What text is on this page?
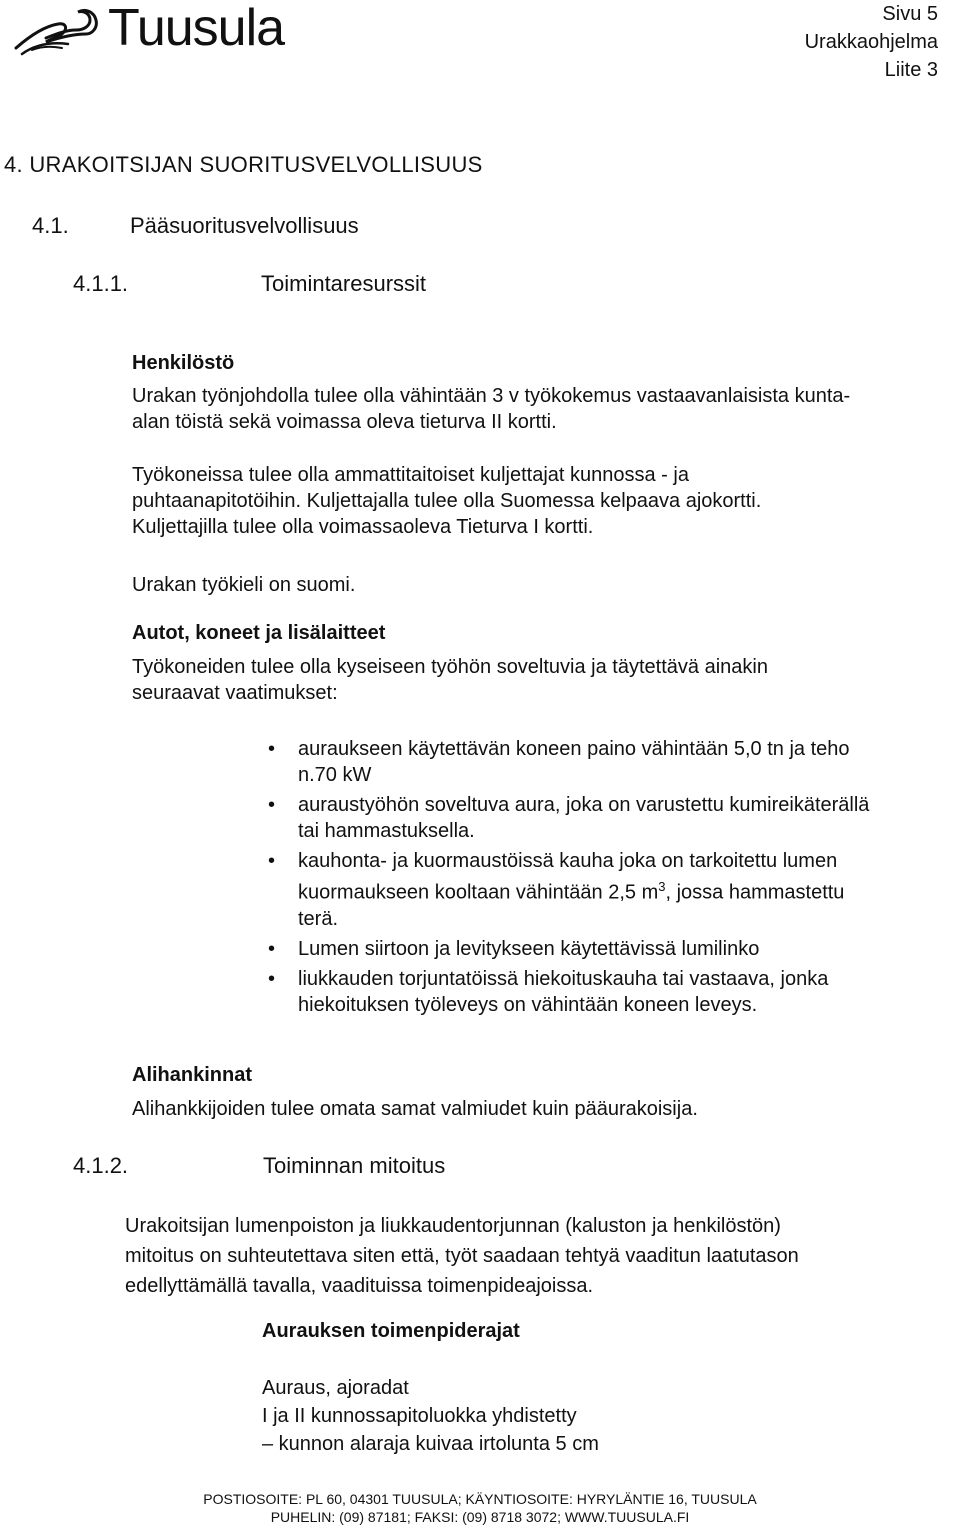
Tuusula	Sivu 5
Urakkaohjelma
Liite 3
4. URAKOITSIJAN SUORITUSVELVOLLISUUS
4.1.	Pääsuoritusvelvollisuus
4.1.1.	Toimintaresurssit
Henkilöstö
Urakan työnjohdolla tulee olla vähintään 3 v työkokemus vastaavanlaisista kunta-
alan töistä sekä voimassa oleva tieturva II kortti.
Työkoneissa tulee olla ammattitaitoiset kuljettajat kunnossa - ja
puhtaanapitotöihin. Kuljettajalla tulee olla Suomessa kelpaava ajokortti.
Kuljettajilla tulee olla voimassaoleva Tieturva I kortti.
Urakan työkieli on suomi.
Autot, koneet ja lisälaitteet
Työkoneiden tulee olla kyseiseen työhön soveltuvia ja täytettävä ainakin
seuraavat vaatimukset:
• auraukseen käytettävän koneen paino vähintään 5,0 tn ja teho
n.70 kW
• auraustyöhön soveltuva aura, joka on varustettu kumireikäterällä
tai hammastuksella.
• kauhonta- ja kuormaustöissä kauha joka on tarkoitettu lumen
kuormaukseen kooltaan vähintään 2,5 $m^3$, jossa hammastettu
terä.
• Lumen siirtoon ja levitykseen käytettävissä lumilinko
• liukkauden torjuntatöissä hiekoituskauha tai vastaava, jonka
hiekoituksen työleveys on vähintään koneen leveys.
Alihankinnat
Alihankkijoiden tulee omata samat valmiudet kuin pääurakoisija.
4.1.2.	Toiminnan mitoitus
Urakoitsijan lumenpoiston ja liukkaudentorjunnan (kaluston ja henkilöstön)
mitoitus on suhteutettava siten että, työt saadaan tehtyä vaaditun laatutason
edellyttämällä tavalla, vaadituissa toimenpideajoissa.
Aurauksen toimenpiderajat
Auraus, ajoradat
I ja II kunnossapitoluokka yhdistetty
– kunnon alaraja kuivaa irtolunta 5 cm
POSTIOSOITE: PL 60, 04301 TUUSULA; KÄYNTIOSOITE: HYRYLÄNTIE 16, TUUSULA
PUHELIN: (09) 87181; FAKSI: (09) 8718 3072; WWW.TUUSULA.FI
